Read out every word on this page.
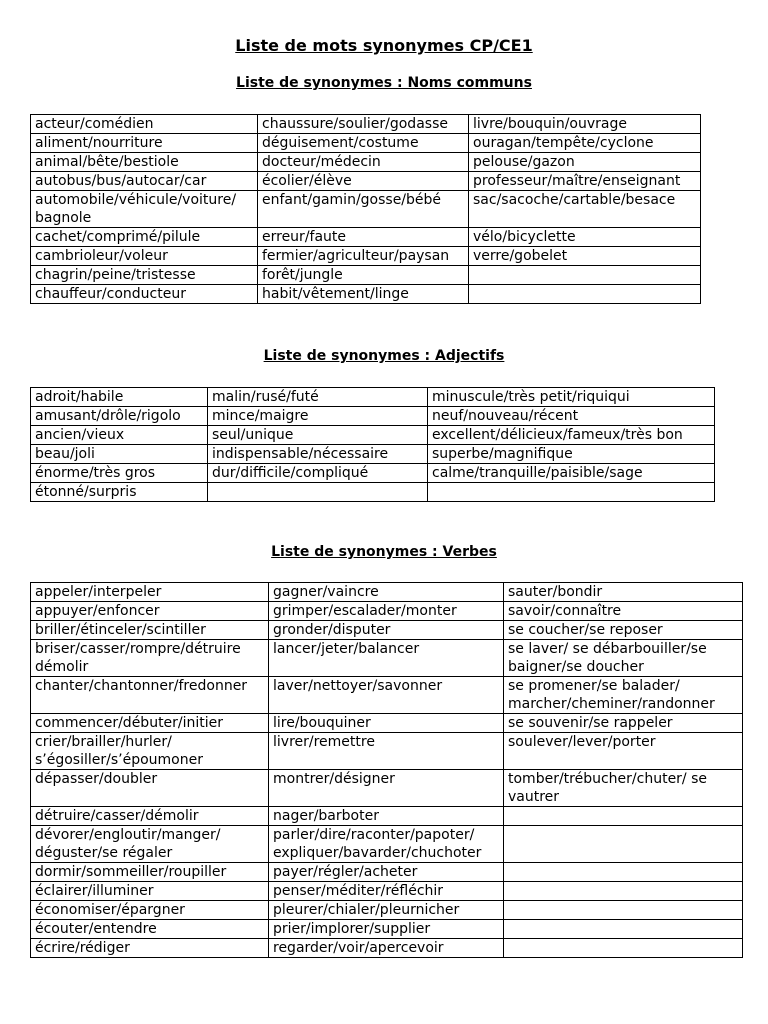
Liste de mots synonymes CP/CE1
Liste de synonymes : Noms communs
acteur/comédien	chaussure/soulier/godasse	livre/bouquin/ouvrage
aliment/nourriture	déguisement/costume	ouragan/tempête/cyclone
animal/bête/bestiole	docteur/médecin	pelouse/gazon
autobus/bus/autocar/car	écolier/élève	professeur/maître/enseignant
automobile/véhicule/voiture/ bagnole	enfant/gamin/gosse/bébé	sac/sacoche/cartable/besace
cachet/comprimé/pilule	erreur/faute	vélo/bicyclette
cambrioleur/voleur	fermier/agriculteur/paysan	verre/gobelet
chagrin/peine/tristesse	forêt/jungle	
chauffeur/conducteur	habit/vêtement/linge	
Liste de synonymes : Adjectifs
adroit/habile	malin/rusé/futé	minuscule/très petit/riquiqui
amusant/drôle/rigolo	mince/maigre	neuf/nouveau/récent
ancien/vieux	seul/unique	excellent/délicieux/fameux/très bon
beau/joli	indispensable/nécessaire	superbe/magnifique
énorme/très gros	dur/difficile/compliqué	calme/tranquille/paisible/sage
étonné/surpris		
Liste de synonymes : Verbes
appeler/interpeler	gagner/vaincre	sauter/bondir
appuyer/enfoncer	grimper/escalader/monter	savoir/connaître
briller/étinceler/scintiller	gronder/disputer	se coucher/se reposer
briser/casser/rompre/détruire démolir	lancer/jeter/balancer	se laver/ se débarbouiller/se baigner/se doucher
chanter/chantonner/fredonner	laver/nettoyer/savonner	se promener/se balader/ marcher/cheminer/randonner
commencer/débuter/initier	lire/bouquiner	se souvenir/se rappeler
crier/brailler/hurler/ s’égosiller/s’époumoner	livrer/remettre	soulever/lever/porter
dépasser/doubler	montrer/désigner	tomber/trébucher/chuter/ se vautrer
détruire/casser/démolir	nager/barboter	
dévorer/engloutir/manger/ déguster/se régaler	parler/dire/raconter/papoter/ expliquer/bavarder/chuchoter	
dormir/sommeiller/roupiller	payer/régler/acheter	
éclairer/illuminer	penser/méditer/réfléchir	
économiser/épargner	pleurer/chialer/pleurnicher	
écouter/entendre	prier/implorer/supplier	
écrire/rédiger	regarder/voir/apercevoir	
